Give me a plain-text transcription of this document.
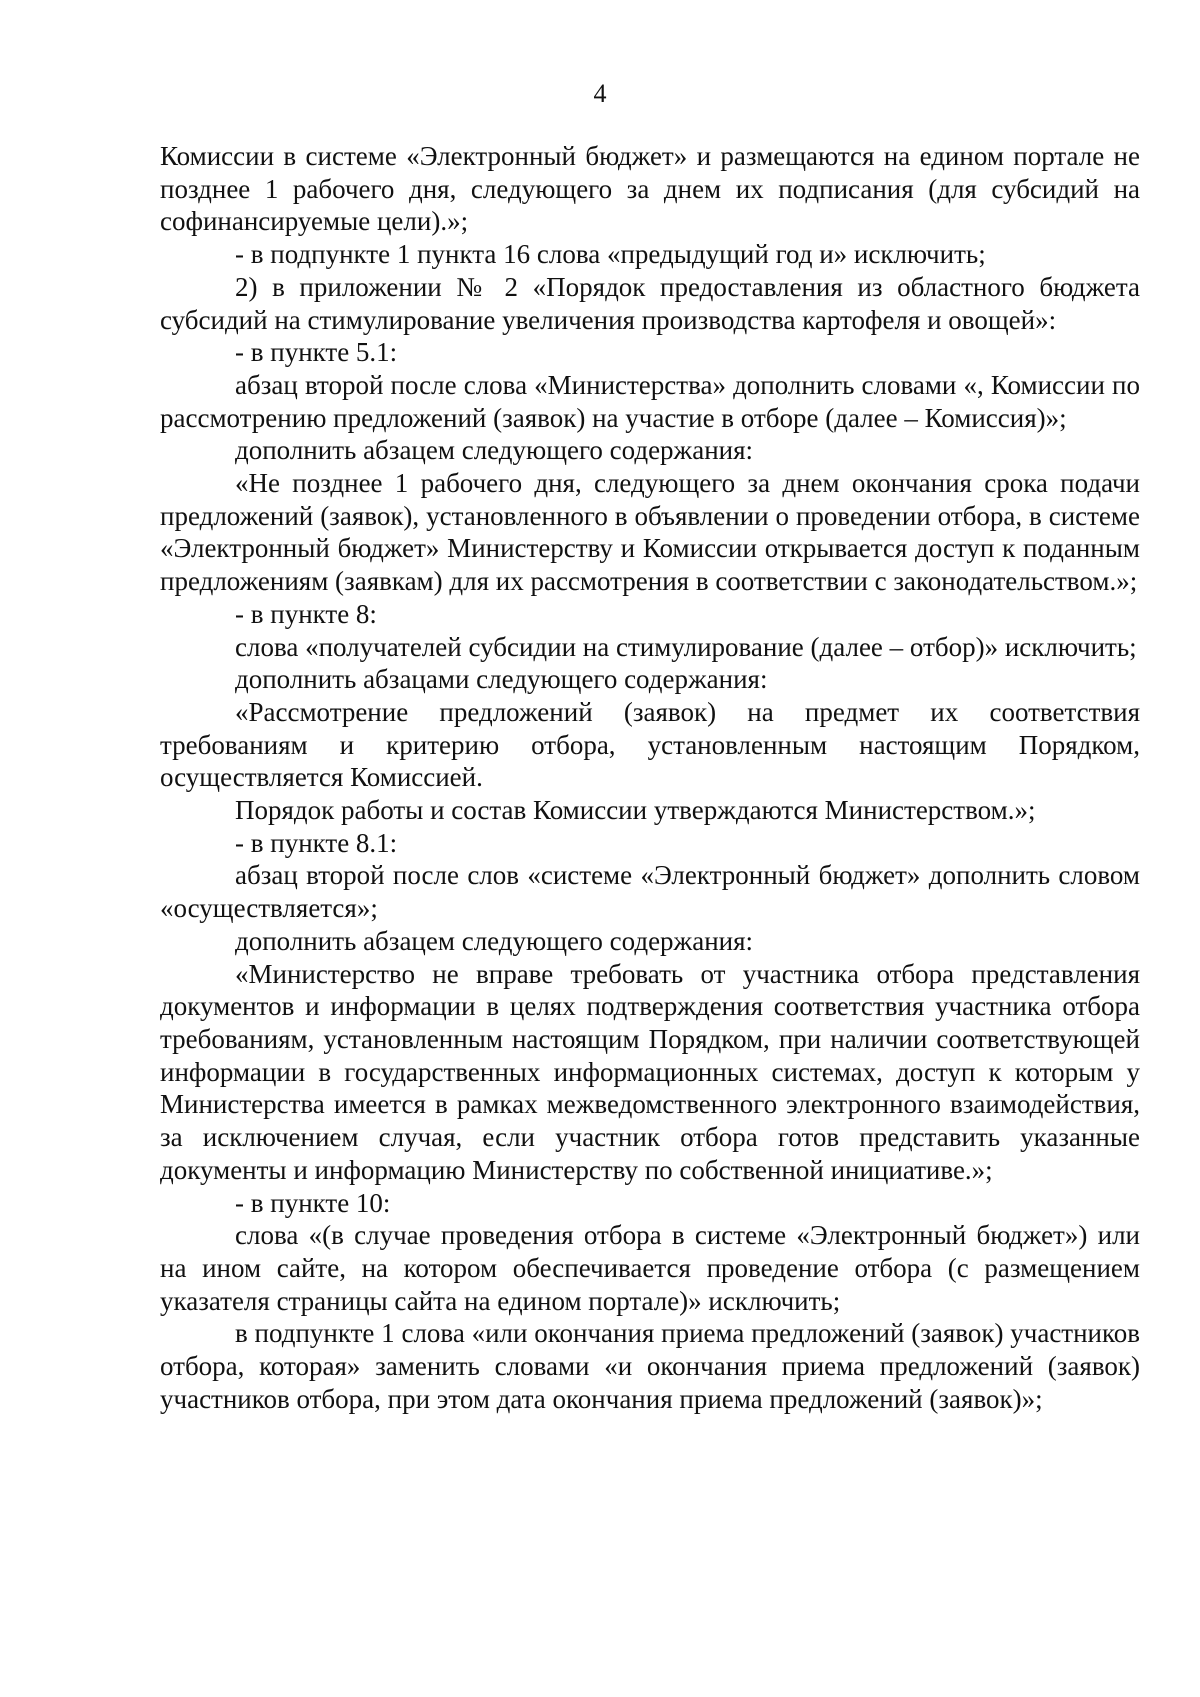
4

Комиссии в системе «Электронный бюджет» и размещаются на едином портале не позднее 1 рабочего дня, следующего за днем их подписания (для субсидий на софинансируемые цели).»;

- в подпункте 1 пункта 16 слова «предыдущий год и» исключить;

2) в приложении № 2 «Порядок предоставления из областного бюджета субсидий на стимулирование увеличения производства картофеля и овощей»:

- в пункте 5.1:

абзац второй после слова «Министерства» дополнить словами «, Комиссии по рассмотрению предложений (заявок) на участие в отборе (далее – Комиссия)»;

дополнить абзацем следующего содержания:

«Не позднее 1 рабочего дня, следующего за днем окончания срока подачи предложений (заявок), установленного в объявлении о проведении отбора, в системе «Электронный бюджет» Министерству и Комиссии открывается доступ к поданным предложениям (заявкам) для их рассмотрения в соответствии с законодательством.»;

- в пункте 8:

слова «получателей субсидии на стимулирование (далее – отбор)» исключить;

дополнить абзацами следующего содержания:

«Рассмотрение предложений (заявок) на предмет их соответствия требованиям и критерию отбора, установленным настоящим Порядком, осуществляется Комиссией.

Порядок работы и состав Комиссии утверждаются Министерством.»;

- в пункте 8.1:

абзац второй после слов «системе «Электронный бюджет» дополнить словом «осуществляется»;

дополнить абзацем следующего содержания:

«Министерство не вправе требовать от участника отбора представления документов и информации в целях подтверждения соответствия участника отбора требованиям, установленным настоящим Порядком, при наличии соответствующей информации в государственных информационных системах, доступ к которым у Министерства имеется в рамках межведомственного электронного взаимодействия, за исключением случая, если участник отбора готов представить указанные документы и информацию Министерству по собственной инициативе.»;

- в пункте 10:

слова «(в случае проведения отбора в системе «Электронный бюджет») или на ином сайте, на котором обеспечивается проведение отбора (с размещением указателя страницы сайта на едином портале)» исключить;

в подпункте 1 слова «или окончания приема предложений (заявок) участников отбора, которая» заменить словами «и окончания приема предложений (заявок) участников отбора, при этом дата окончания приема предложений (заявок)»;
